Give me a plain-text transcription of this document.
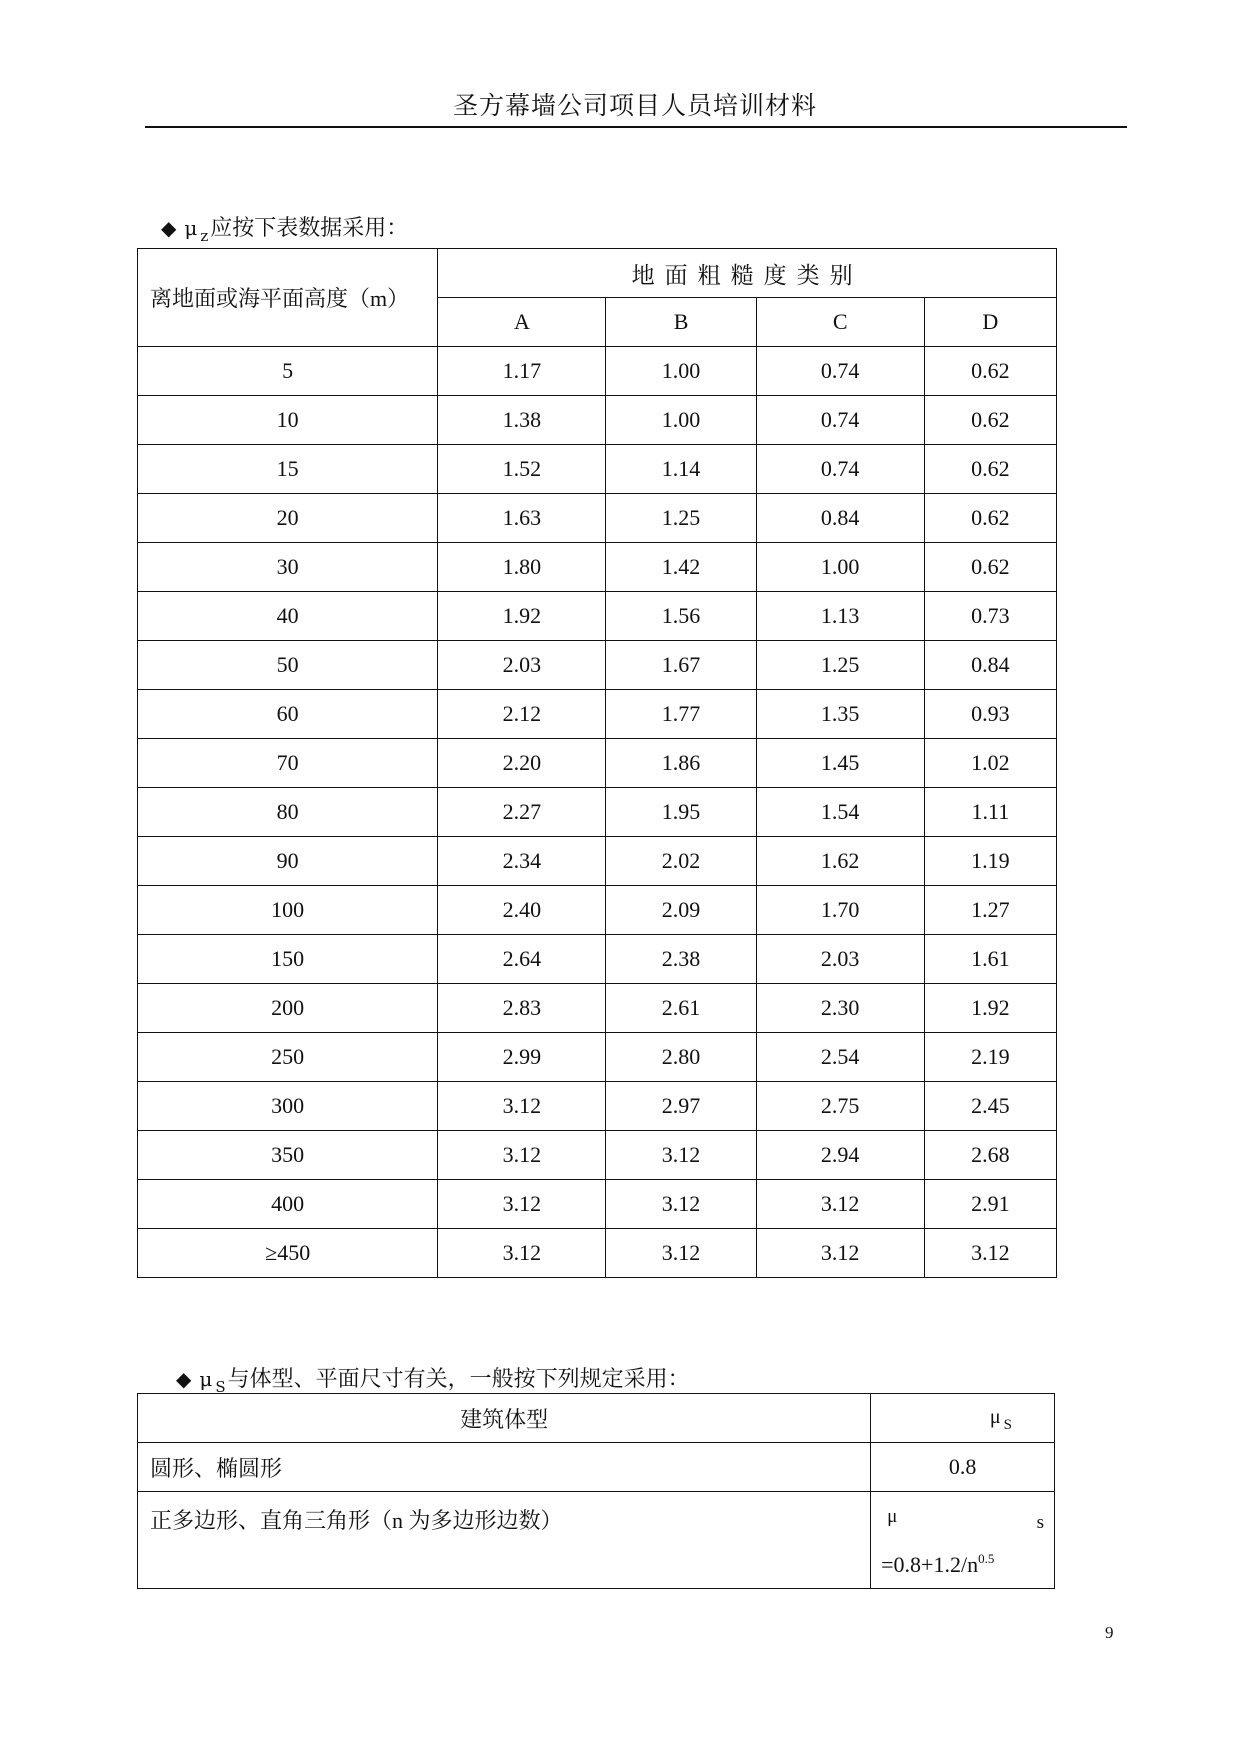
圣方幕墙公司项目人员培训材料
◆ μ $_z$应按下表数据采用：
离地面或海平面高度（m）	地面粗糙度类别			
	A	B	C	D
5	1.17	1.00	0.74	0.62
10	1.38	1.00	0.74	0.62
15	1.52	1.14	0.74	0.62
20	1.63	1.25	0.84	0.62
30	1.80	1.42	1.00	0.62
40	1.92	1.56	1.13	0.73
50	2.03	1.67	1.25	0.84
60	2.12	1.77	1.35	0.93
70	2.20	1.86	1.45	1.02
80	2.27	1.95	1.54	1.11
90	2.34	2.02	1.62	1.19
100	2.40	2.09	1.70	1.27
150	2.64	2.38	2.03	1.61
200	2.83	2.61	2.30	1.92
250	2.99	2.80	2.54	2.19
300	3.12	2.97	2.75	2.45
350	3.12	3.12	2.94	2.68
400	3.12	3.12	3.12	2.91
≥450	3.12	3.12	3.12	3.12
◆ μ $_S$与体型、平面尺寸有关，一般按下列规定采用：
建筑体型	μ $_S$
圆形、椭圆形	0.8

正多边形、直角三角形（n 为多边形边数）	μ s
$=0.8+1.2/n^{0.5}$
9
